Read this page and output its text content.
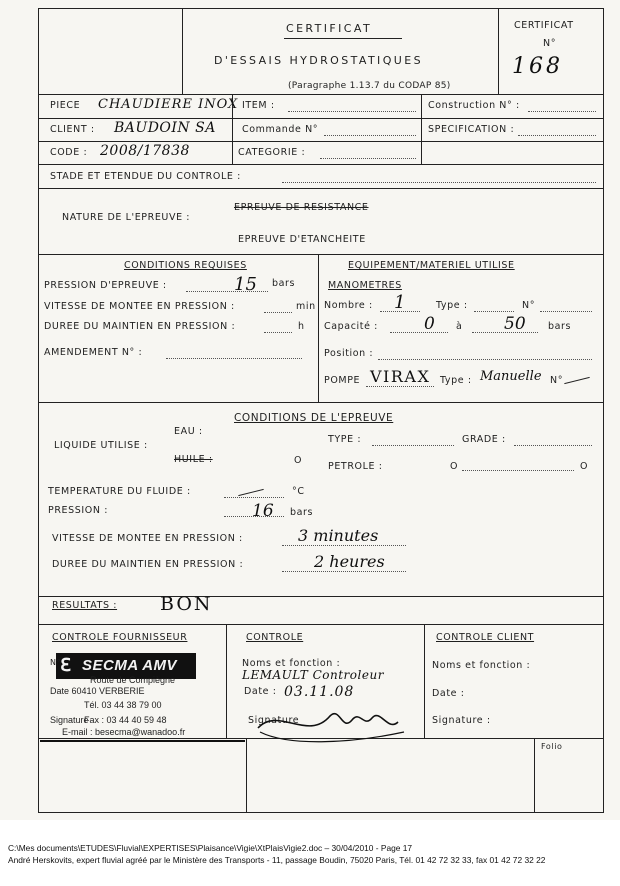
CERTIFICAT
D'ESSAIS HYDROSTATIQUES
(Paragraphe 1.13.7 du CODAP 85)
CERTIFICAT
N°
168
PIECE CHAUDIERE INOX ITEM :	Construction N° :
CLIENT : BAUDOIN SA	Commande N°	SPECIFICATION :
CODE : 2008/17838	CATEGORIE :
STADE ET ETENDUE DU CONTROLE :
NATURE DE L'EPREUVE :
EPREUVE DE RESISTANCE
EPREUVE D'ETANCHEITE
CONDITIONS REQUISES
PRESSION D'EPREUVE :	15 bars
VITESSE DE MONTEE EN PRESSION :	min
DUREE DU MAINTIEN EN PRESSION :	h
AMENDEMENT N° :
EQUIPEMENT/MATERIEL UTILISE
MANOMETRES
Nombre : 1	Type :	N°
Capacité :	0 à 50 bars
Position :
POMPE VIRAX Type : Manuelle N°
CONDITIONS DE L'EPREUVE
EAU :
LIQUIDE UTILISE :
HUILE :	O
TYPE :	GRADE :
PETROLE :	O	O
TEMPERATURE DU FLUIDE :	°C
PRESSION :	16 bars
VITESSE DE MONTEE EN PRESSION :	3 minutes
DUREE DU MAINTIEN EN PRESSION :	2 heures
RESULTATS : BON
CONTROLE FOURNISSEUR
ℇ SECMA AMV
N°
Route de Compiègne
Date 60410 VERBERIE
Tél. 03 44 38 79 00
Signature
Fax : 03 44 40 59 48
E-mail : besecma@wanadoo.fr
CONTROLE
Noms et fonction :
LEMAULT Controleur
Date : 03.11.08
Signature
CONTROLE CLIENT
Noms et fonction :
Date :
Signature :
Folio
C:\Mes documents\ETUDES\Fluvial\EXPERTISES\Plaisance\Vigie\XtPlaisVigie2.doc – 30/04/2010 - Page 17
André Herskovits, expert fluvial agréé par le Ministère des Transports - 11, passage Boudin, 75020 Paris, Tél. 01 42 72 32 33, fax 01 42 72 32 22
